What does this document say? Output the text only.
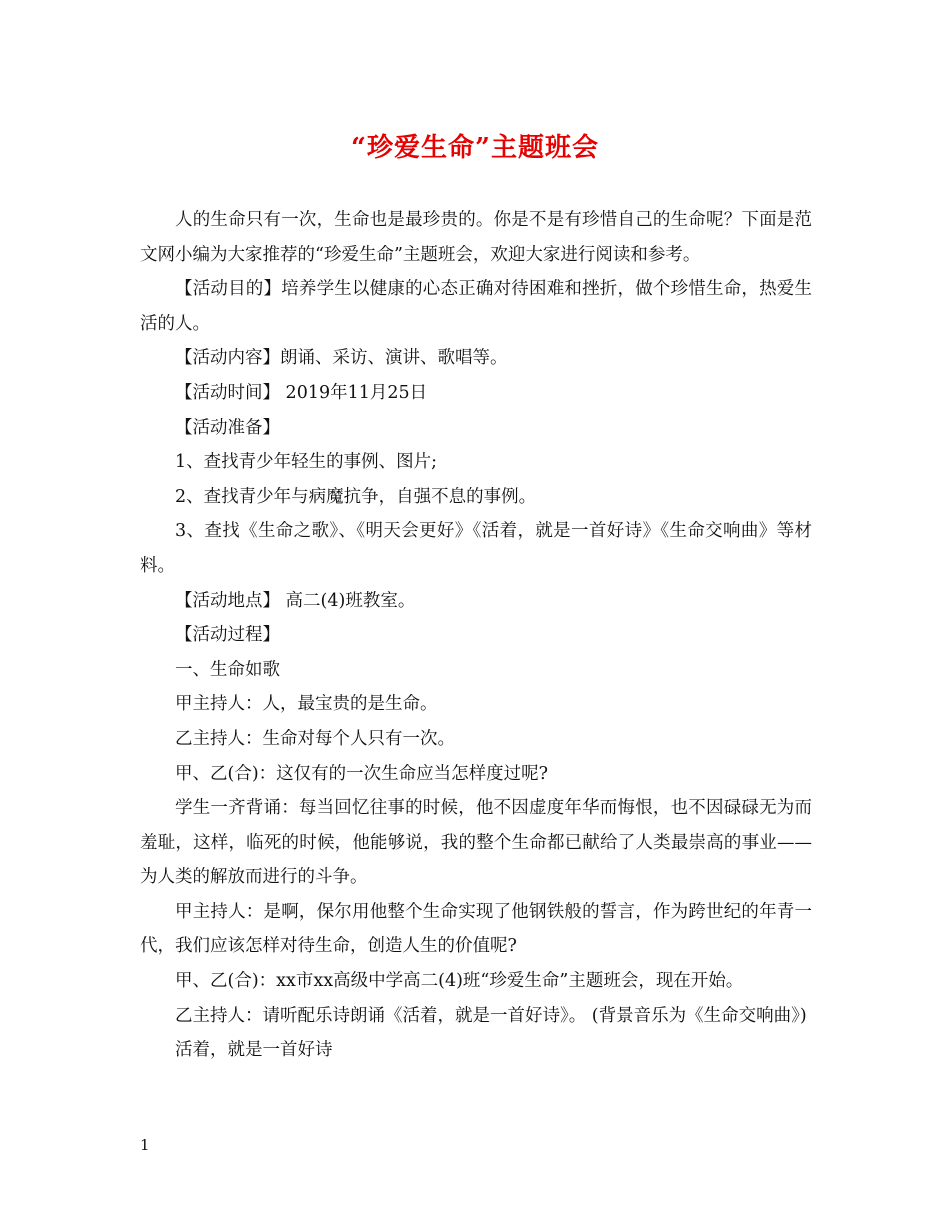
“珍爱生命”主题班会

人的生命只有一次，生命也是最珍贵的。你是不是有珍惜自己的生命呢？下面是范文网小编为大家推荐的“珍爱生命”主题班会，欢迎大家进行阅读和参考。

【活动目的】培养学生以健康的心态正确对待困难和挫折，做个珍惜生命，热爱生活的人。

【活动内容】朗诵、采访、演讲、歌唱等。

【活动时间】 2019年11月25日

【活动准备】

1、查找青少年轻生的事例、图片;

2、查找青少年与病魔抗争，自强不息的事例。

3、查找《生命之歌》、《明天会更好》《活着，就是一首好诗》《生命交响曲》等材料。

【活动地点】 高二(4)班教室。

【活动过程】

一、生命如歌

甲主持人：人，最宝贵的是生命。

乙主持人：生命对每个人只有一次。

甲、乙(合)：这仅有的一次生命应当怎样度过呢?

学生一齐背诵：每当回忆往事的时候，他不因虚度年华而悔恨，也不因碌碌无为而羞耻，这样，临死的时候，他能够说，我的整个生命都已献给了人类最崇高的事业——为人类的解放而进行的斗争。

甲主持人：是啊，保尔用他整个生命实现了他钢铁般的誓言，作为跨世纪的年青一代，我们应该怎样对待生命，创造人生的价值呢?

甲、乙(合)：xx市xx高级中学高二(4)班“珍爱生命”主题班会，现在开始。

乙主持人：请听配乐诗朗诵《活着，就是一首好诗》。 (背景音乐为《生命交响曲》)

活着，就是一首好诗

1
